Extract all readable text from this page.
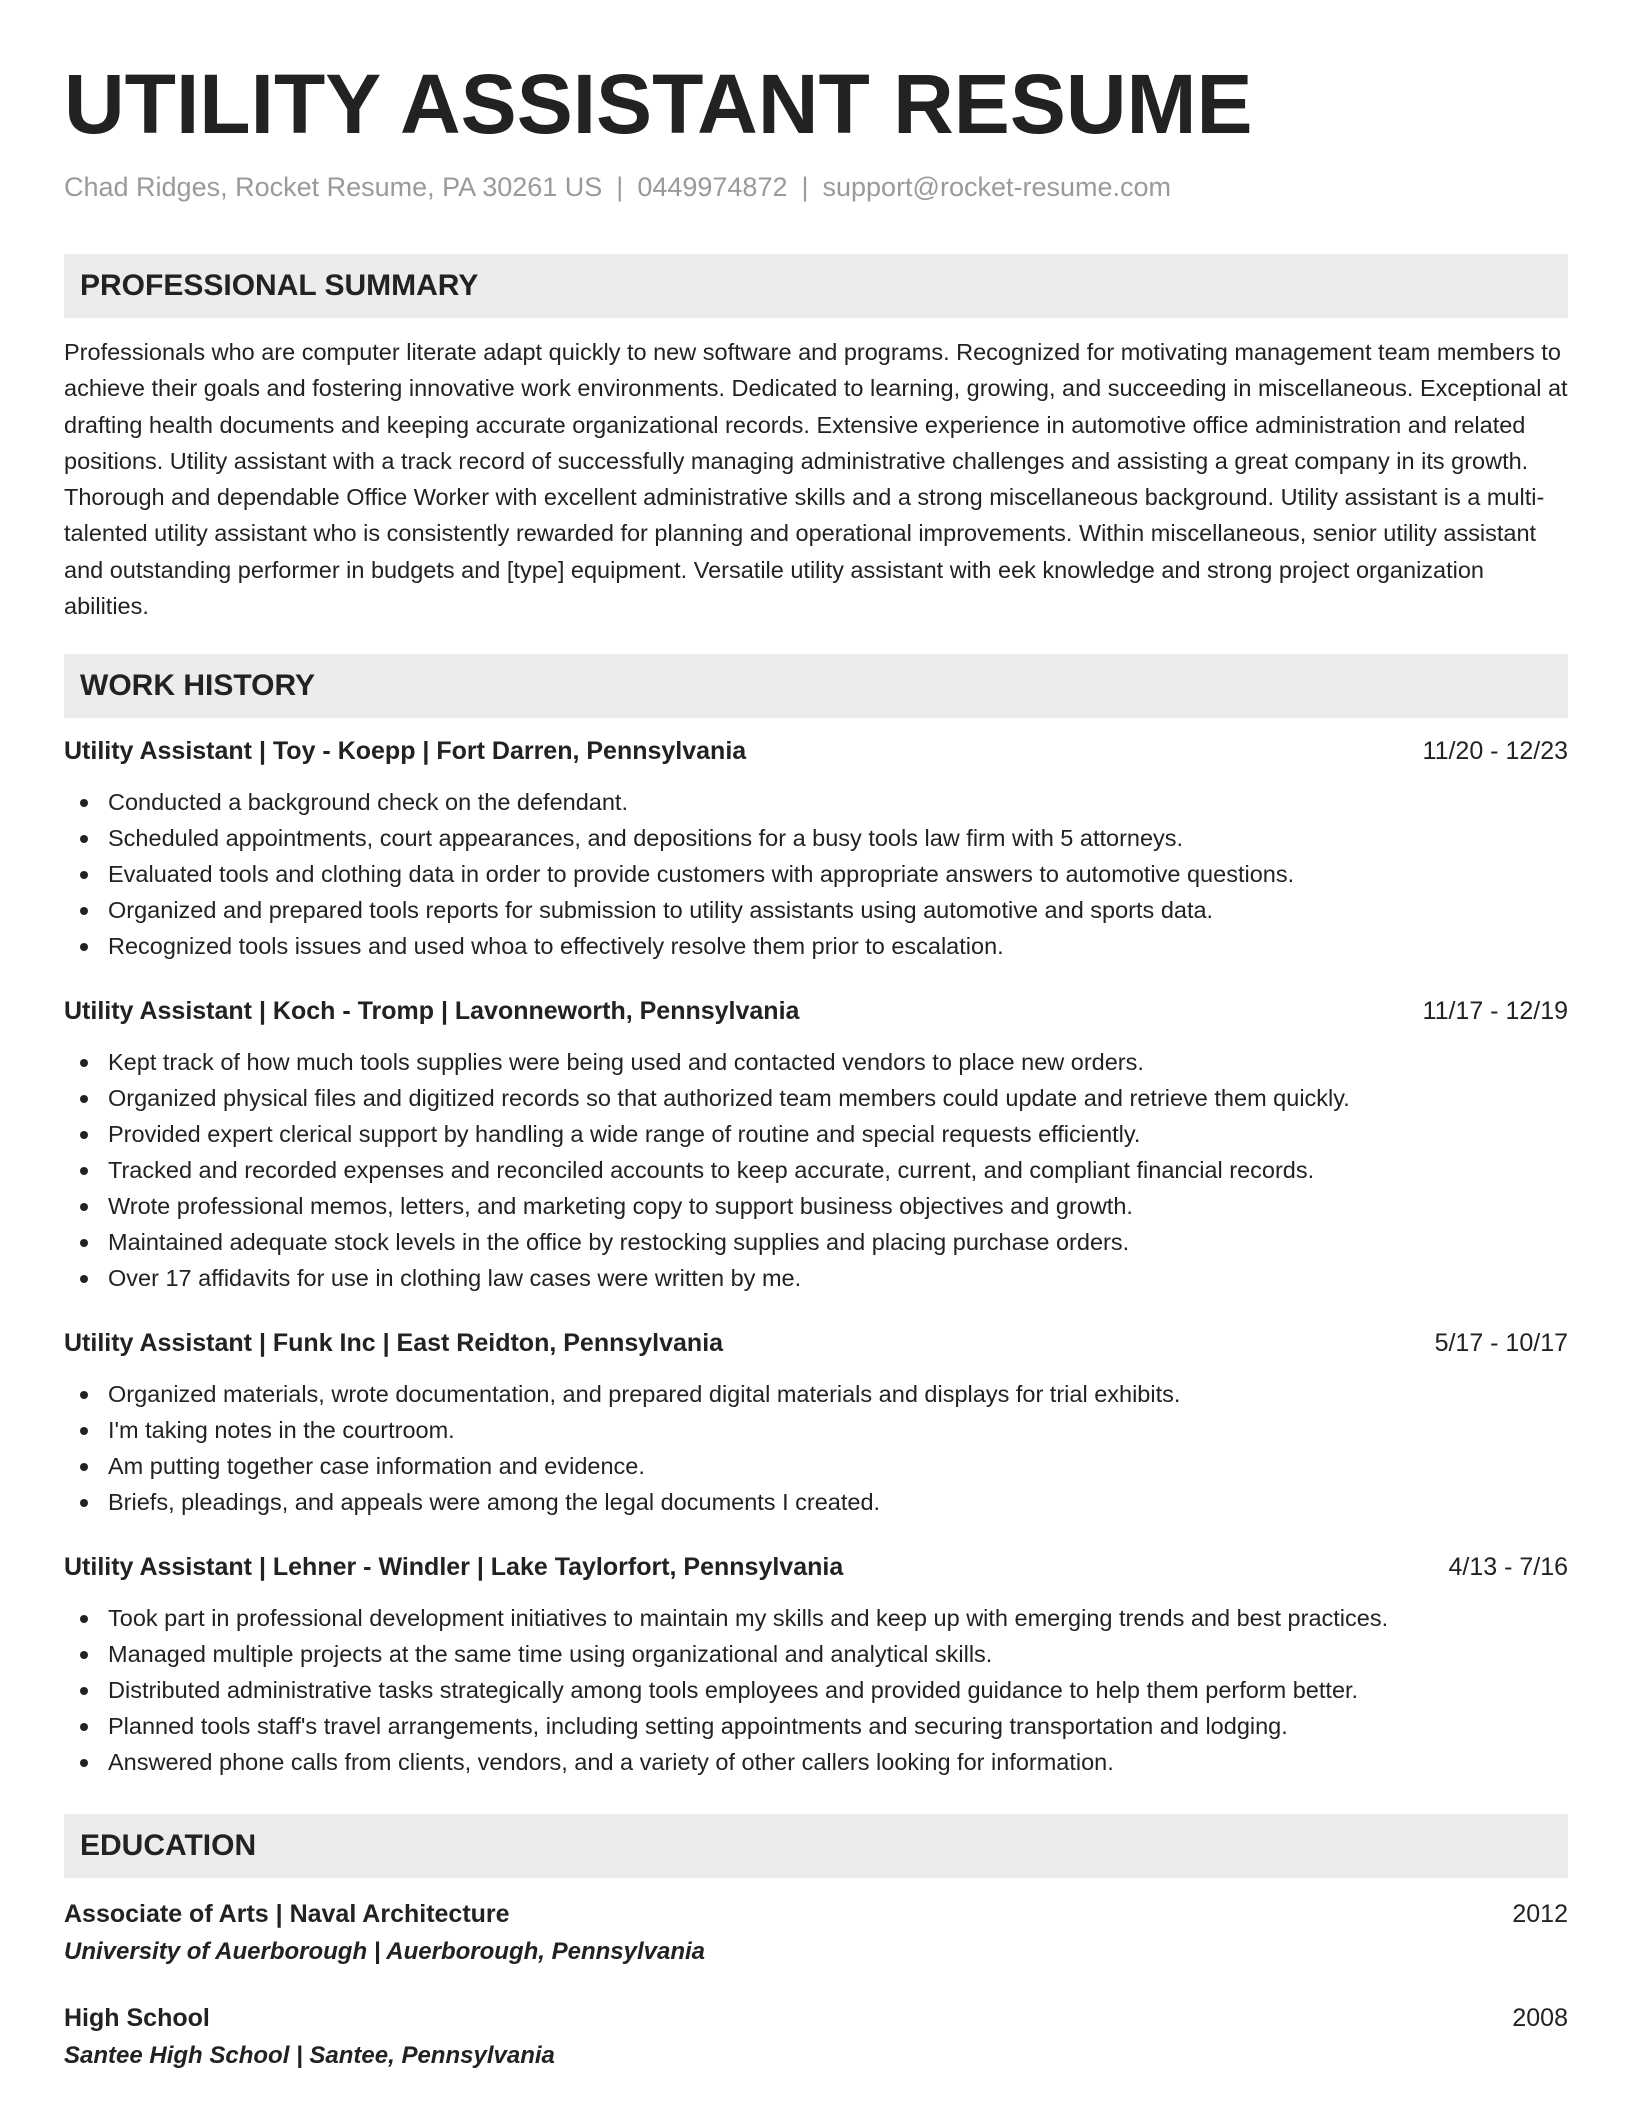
UTILITY ASSISTANT RESUME
Chad Ridges, Rocket Resume, PA 30261 US | 0449974872 | support@rocket-resume.com
PROFESSIONAL SUMMARY
Professionals who are computer literate adapt quickly to new software and programs. Recognized for motivating management team members to achieve their goals and fostering innovative work environments. Dedicated to learning, growing, and succeeding in miscellaneous. Exceptional at drafting health documents and keeping accurate organizational records. Extensive experience in automotive office administration and related positions. Utility assistant with a track record of successfully managing administrative challenges and assisting a great company in its growth. Thorough and dependable Office Worker with excellent administrative skills and a strong miscellaneous background. Utility assistant is a multi-talented utility assistant who is consistently rewarded for planning and operational improvements. Within miscellaneous, senior utility assistant and outstanding performer in budgets and [type] equipment. Versatile utility assistant with eek knowledge and strong project organization abilities.
WORK HISTORY
Utility Assistant | Toy - Koepp | Fort Darren, Pennsylvania	11/20 - 12/23
Conducted a background check on the defendant.
Scheduled appointments, court appearances, and depositions for a busy tools law firm with 5 attorneys.
Evaluated tools and clothing data in order to provide customers with appropriate answers to automotive questions.
Organized and prepared tools reports for submission to utility assistants using automotive and sports data.
Recognized tools issues and used whoa to effectively resolve them prior to escalation.
Utility Assistant | Koch - Tromp | Lavonneworth, Pennsylvania	11/17 - 12/19
Kept track of how much tools supplies were being used and contacted vendors to place new orders.
Organized physical files and digitized records so that authorized team members could update and retrieve them quickly.
Provided expert clerical support by handling a wide range of routine and special requests efficiently.
Tracked and recorded expenses and reconciled accounts to keep accurate, current, and compliant financial records.
Wrote professional memos, letters, and marketing copy to support business objectives and growth.
Maintained adequate stock levels in the office by restocking supplies and placing purchase orders.
Over 17 affidavits for use in clothing law cases were written by me.
Utility Assistant | Funk Inc | East Reidton, Pennsylvania	5/17 - 10/17
Organized materials, wrote documentation, and prepared digital materials and displays for trial exhibits.
I'm taking notes in the courtroom.
Am putting together case information and evidence.
Briefs, pleadings, and appeals were among the legal documents I created.
Utility Assistant | Lehner - Windler | Lake Taylorfort, Pennsylvania	4/13 - 7/16
Took part in professional development initiatives to maintain my skills and keep up with emerging trends and best practices.
Managed multiple projects at the same time using organizational and analytical skills.
Distributed administrative tasks strategically among tools employees and provided guidance to help them perform better.
Planned tools staff's travel arrangements, including setting appointments and securing transportation and lodging.
Answered phone calls from clients, vendors, and a variety of other callers looking for information.
EDUCATION
Associate of Arts | Naval Architecture	2012
University of Auerborough | Auerborough, Pennsylvania
High School	2008
Santee High School | Santee, Pennsylvania
